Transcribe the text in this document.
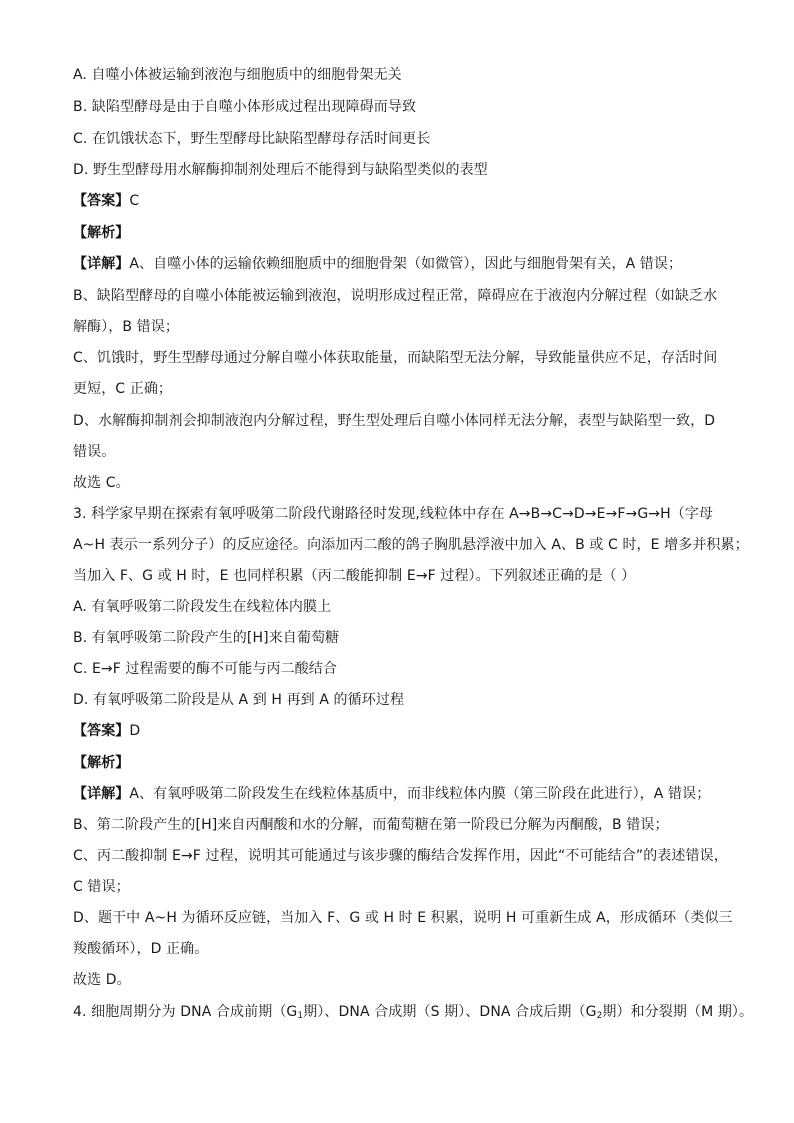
A. 自噬小体被运输到液泡与细胞质中的细胞骨架无关
B. 缺陷型酵母是由于自噬小体形成过程出现障碍而导致
C. 在饥饿状态下，野生型酵母比缺陷型酵母存活时间更长
D. 野生型酵母用水解酶抑制剂处理后不能得到与缺陷型类似的表型
【答案】C
【解析】
【详解】A、自噬小体的运输依赖细胞质中的细胞骨架（如微管），因此与细胞骨架有关，A 错误；
B、缺陷型酵母的自噬小体能被运输到液泡，说明形成过程正常，障碍应在于液泡内分解过程（如缺乏水
解酶），B 错误；
C、饥饿时，野生型酵母通过分解自噬小体获取能量，而缺陷型无法分解，导致能量供应不足，存活时间
更短，C 正确；
D、水解酶抑制剂会抑制液泡内分解过程，野生型处理后自噬小体同样无法分解，表型与缺陷型一致，D
错误。
故选 C。
3. 科学家早期在探索有氧呼吸第二阶段代谢路径时发现,线粒体中存在 A→B→C→D→E→F→G→H（字母
A~H 表示一系列分子）的反应途径。向添加丙二酸的鸽子胸肌悬浮液中加入 A、B 或 C 时，E 增多并积累；
当加入 F、G 或 H 时，E 也同样积累（丙二酸能抑制 E→F 过程）。下列叙述正确的是（ ）
A. 有氧呼吸第二阶段发生在线粒体内膜上
B. 有氧呼吸第二阶段产生的[H]来自葡萄糖
C. E→F 过程需要的酶不可能与丙二酸结合
D. 有氧呼吸第二阶段是从 A 到 H 再到 A 的循环过程
【答案】D
【解析】
【详解】A、有氧呼吸第二阶段发生在线粒体基质中，而非线粒体内膜（第三阶段在此进行），A 错误；
B、第二阶段产生的[H]来自丙酮酸和水的分解，而葡萄糖在第一阶段已分解为丙酮酸，B 错误；
C、丙二酸抑制 E→F 过程，说明其可能通过与该步骤的酶结合发挥作用，因此“不可能结合”的表述错误，
C 错误；
D、题干中 A~H 为循环反应链，当加入 F、G 或 H 时 E 积累，说明 H 可重新生成 A，形成循环（类似三
羧酸循环），D 正确。
故选 D。
4. 细胞周期分为 DNA 合成前期（$G_1$期）、DNA 合成期（S 期）、DNA 合成后期（$G_2$期）和分裂期（M 期）。
